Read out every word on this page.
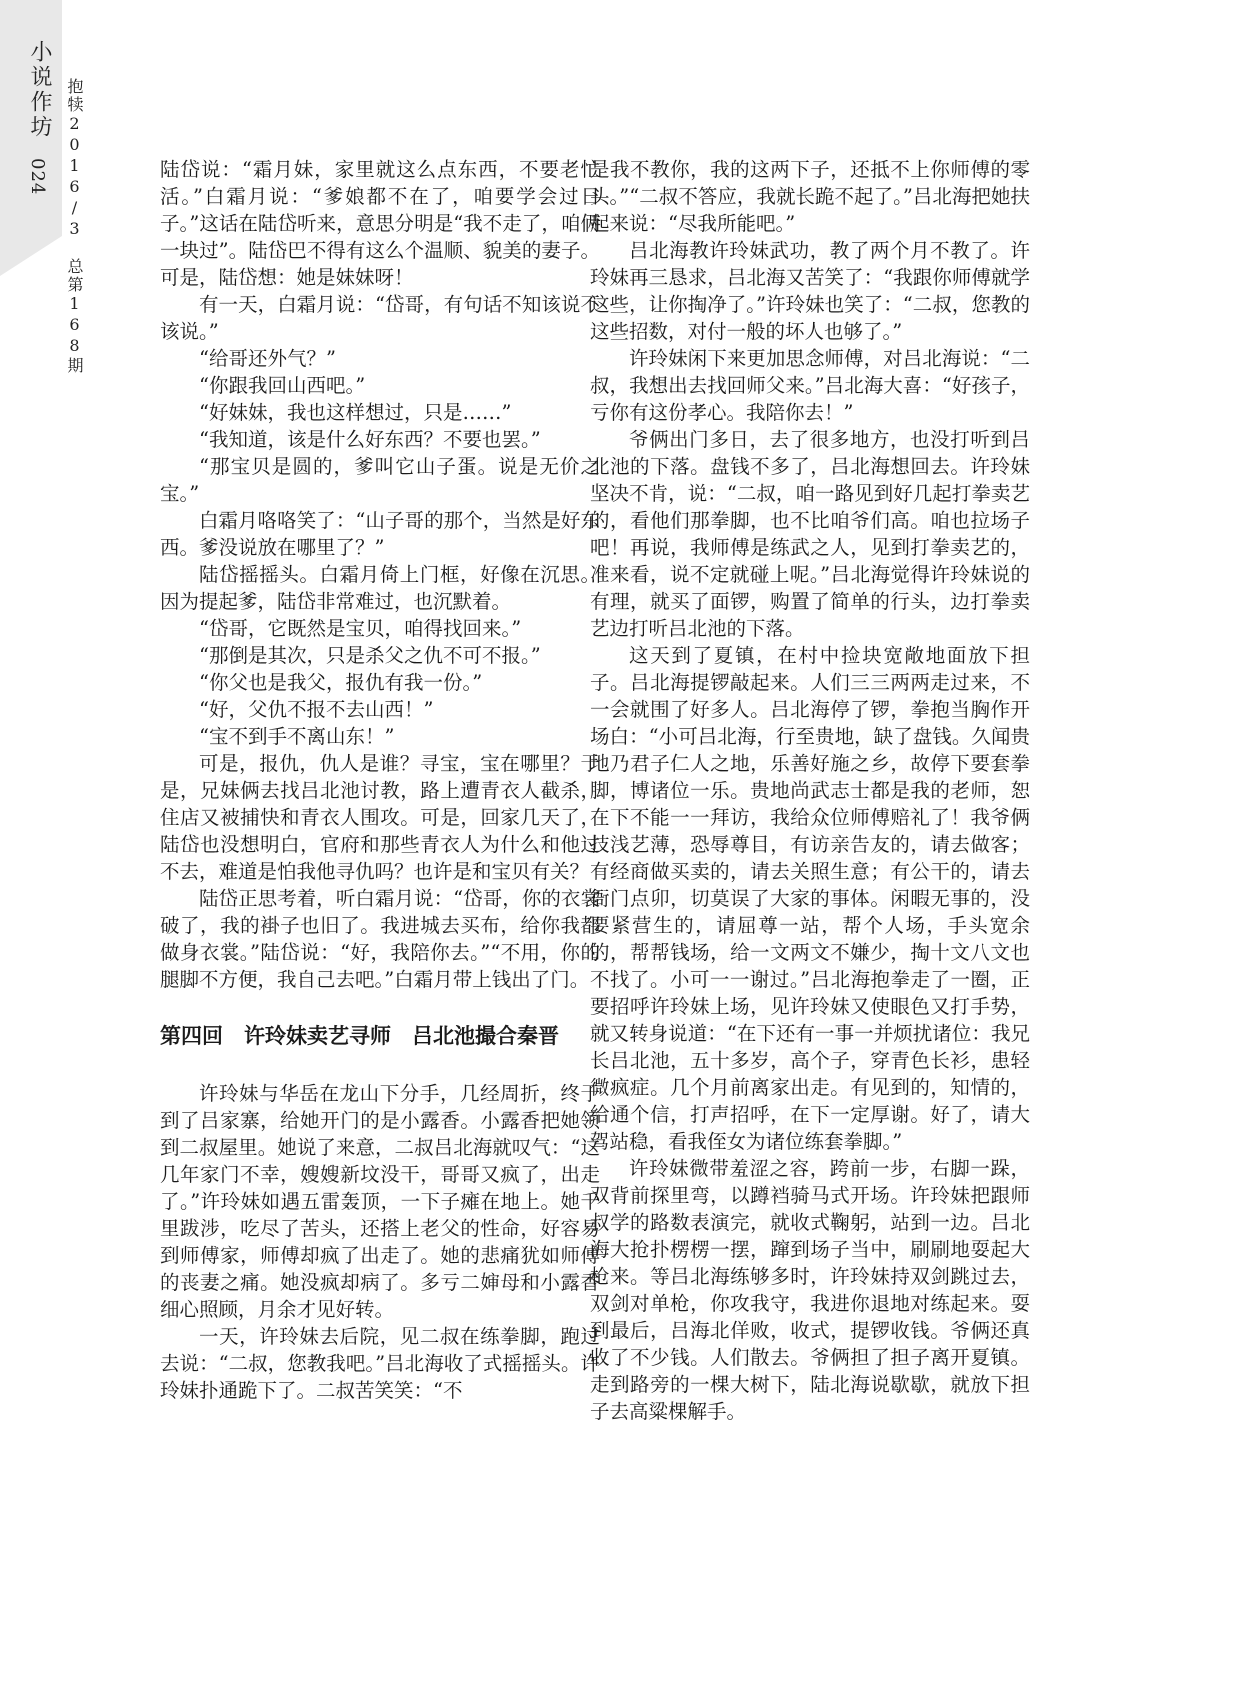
小说作坊
024 抱犊2016/3　总第168期	陆岱说：“霜月妹，家里就这么点东西，不要老忙活。”白霜月说：“爹娘都不在了，咱要学会过日子。”这话在陆岱听来，意思分明是“我不走了，咱俩一块过”。陆岱巴不得有这么个温顺、貌美的妻子。可是，陆岱想：她是妹妹呀！

有一天，白霜月说：“岱哥，有句话不知该说不该说。”

“给哥还外气？”

“你跟我回山西吧。”

“好妹妹，我也这样想过，只是……”

“我知道，该是什么好东西？不要也罢。”

“那宝贝是圆的，爹叫它山子蛋。说是无价之宝。”

白霜月咯咯笑了：“山子哥的那个，当然是好东西。爹没说放在哪里了？”

陆岱摇摇头。白霜月倚上门框，好像在沉思。因为提起爹，陆岱非常难过，也沉默着。

“岱哥，它既然是宝贝，咱得找回来。”

“那倒是其次，只是杀父之仇不可不报。”

“你父也是我父，报仇有我一份。”

“好，父仇不报不去山西！”

“宝不到手不离山东！”

可是，报仇，仇人是谁？寻宝，宝在哪里？于是，兄妹俩去找吕北池讨教，路上遭青衣人截杀，住店又被捕快和青衣人围攻。可是，回家几天了，陆岱也没想明白，官府和那些青衣人为什么和他过不去，难道是怕我他寻仇吗？也许是和宝贝有关？

陆岱正思考着，听白霜月说：“岱哥，你的衣裳破了，我的褂子也旧了。我进城去买布，给你我都做身衣裳。”陆岱说：“好，我陪你去。”“不用，你的腿脚不方便，我自己去吧。”白霜月带上钱出了门。

第四回　许玲妹卖艺寻师　吕北池撮合秦晋

许玲妹与华岳在龙山下分手，几经周折，终于到了吕家寨，给她开门的是小露香。小露香把她领到二叔屋里。她说了来意，二叔吕北海就叹气：“这几年家门不幸，嫂嫂新坟没干，哥哥又疯了，出走了。”许玲妹如遇五雷轰顶，一下子瘫在地上。她千里跋涉，吃尽了苦头，还搭上老父的性命，好容易到师傅家，师傅却疯了出走了。她的悲痛犹如师傅的丧妻之痛。她没疯却病了。多亏二婶母和小露香细心照顾，月余才见好转。

一天，许玲妹去后院，见二叔在练拳脚，跑过去说：“二叔，您教我吧。”吕北海收了式摇摇头。许玲妹扑通跪下了。二叔苦笑笑：“不

是我不教你，我的这两下子，还抵不上你师傅的零头。”“二叔不答应，我就长跪不起了。”吕北海把她扶起来说：“尽我所能吧。”

吕北海教许玲妹武功，教了两个月不教了。许玲妹再三恳求，吕北海又苦笑了：“我跟你师傅就学这些，让你掏净了。”许玲妹也笑了：“二叔，您教的这些招数，对付一般的坏人也够了。”

许玲妹闲下来更加思念师傅，对吕北海说：“二叔，我想出去找回师父来。”吕北海大喜：“好孩子，亏你有这份孝心。我陪你去！”

爷俩出门多日，去了很多地方，也没打听到吕北池的下落。盘钱不多了，吕北海想回去。许玲妹坚决不肯，说：“二叔，咱一路见到好几起打拳卖艺的，看他们那拳脚，也不比咱爷们高。咱也拉场子吧！再说，我师傅是练武之人，见到打拳卖艺的，准来看，说不定就碰上呢。”吕北海觉得许玲妹说的有理，就买了面锣，购置了简单的行头，边打拳卖艺边打听吕北池的下落。

这天到了夏镇，在村中捡块宽敞地面放下担子。吕北海提锣敲起来。人们三三两两走过来，不一会就围了好多人。吕北海停了锣，拳抱当胸作开场白：“小可吕北海，行至贵地，缺了盘钱。久闻贵地乃君子仁人之地，乐善好施之乡，故停下要套拳脚，博诸位一乐。贵地尚武志士都是我的老师，恕在下不能一一拜访，我给众位师傅赔礼了！我爷俩技浅艺薄，恐辱尊目，有访亲告友的，请去做客；有经商做买卖的，请去关照生意；有公干的，请去衙门点卯，切莫误了大家的事体。闲暇无事的，没要紧营生的，请屈尊一站，帮个人场，手头宽余的，帮帮钱场，给一文两文不嫌少，掏十文八文也不找了。小可一一谢过。”吕北海抱拳走了一圈，正要招呼许玲妹上场，见许玲妹又使眼色又打手势，就又转身说道：“在下还有一事一并烦扰诸位：我兄长吕北池，五十多岁，高个子，穿青色长衫，患轻微疯症。几个月前离家出走。有见到的，知情的，给通个信，打声招呼，在下一定厚谢。好了，请大驾站稳，看我侄女为诸位练套拳脚。”

许玲妹微带羞涩之容，跨前一步，右脚一跺，双背前探里弯，以蹲裆骑马式开场。许玲妹把跟师叔学的路数表演完，就收式鞠躬，站到一边。吕北海大抢扑楞楞一摆，蹿到场子当中，刷刷地耍起大枪来。等吕北海练够多时，许玲妹持双剑跳过去，双剑对单枪，你攻我守，我进你退地对练起来。耍到最后，吕海北佯败，收式，提锣收钱。爷俩还真收了不少钱。人们散去。爷俩担了担子离开夏镇。走到路旁的一棵大树下，陆北海说歇歇，就放下担子去高粱棵解手。
